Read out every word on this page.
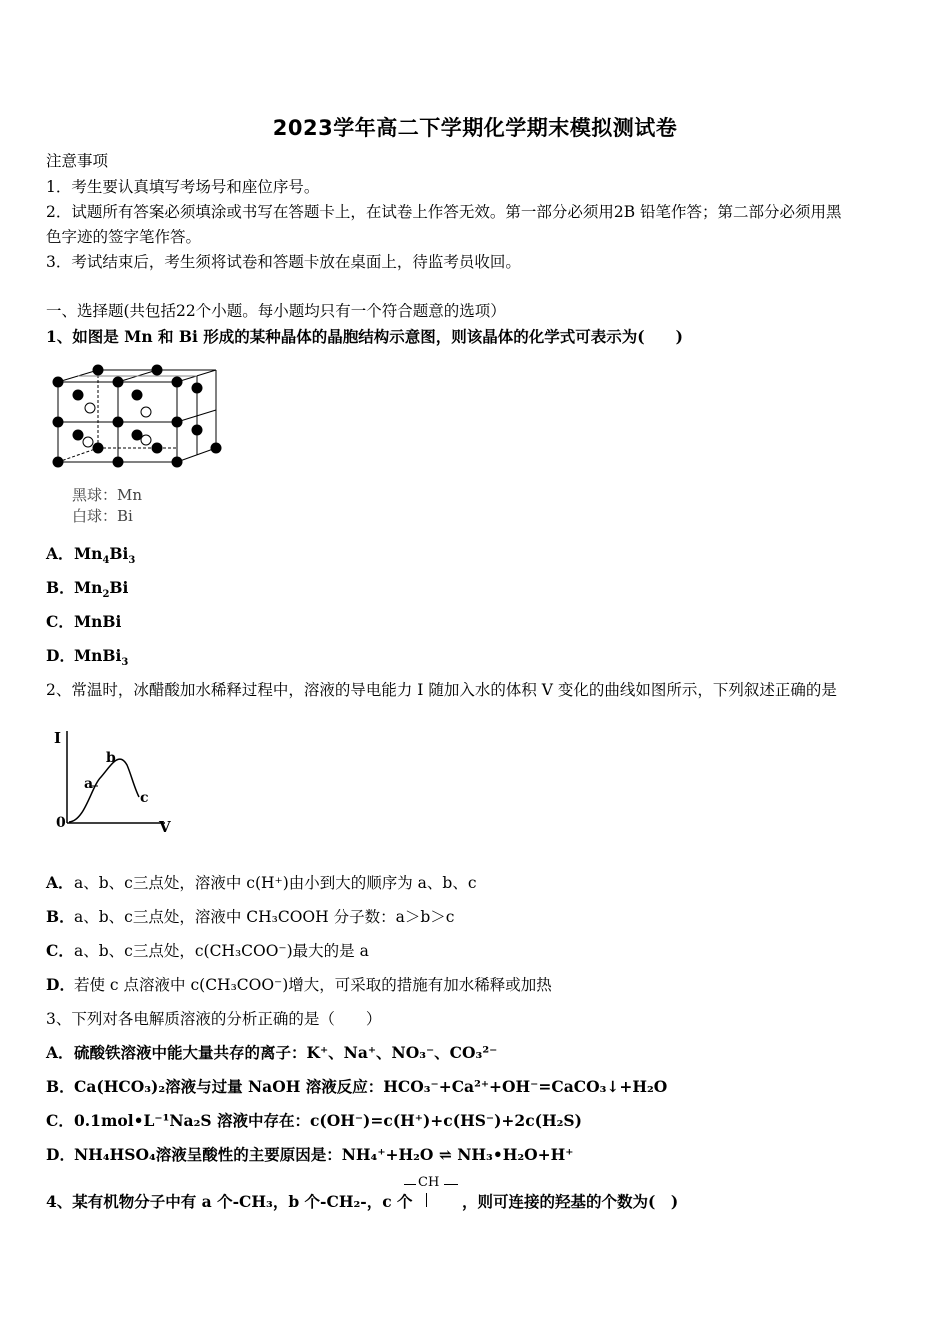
2023学年高二下学期化学期末模拟测试卷
注意事项
1．考生要认真填写考场号和座位序号。
2．试题所有答案必须填涂或书写在答题卡上，在试卷上作答无效。第一部分必须用2B 铅笔作答；第二部分必须用黑
色字迹的签字笔作答。
3．考试结束后，考生须将试卷和答题卡放在桌面上，待监考员收回。
一、选择题(共包括22个小题。每小题均只有一个符合题意的选项）
1、如图是 Mn 和 Bi 形成的某种晶体的晶胞结构示意图，则该晶体的化学式可表示为(　　)
黑球：Mn
白球：Bi
A．$Mn_4Bi_3$
B．$Mn_2Bi$
C．MnBi
D．MnBi$_3$
2、常温时，冰醋酸加水稀释过程中，溶液的导电能力 I 随加入水的体积 V 变化的曲线如图所示，下列叙述正确的是
I
V
0
a
b
c
A．a、b、c三点处，溶液中 c(H⁺)由小到大的顺序为 a、b、c
B．a、b、c三点处，溶液中 CH₃COOH 分子数：a＞b＞c
C．a、b、c三点处，c(CH₃COO⁻)最大的是 a
D．若使 c 点溶液中 c(CH₃COO⁻)增大，可采取的措施有加水稀释或加热
3、下列对各电解质溶液的分析正确的是（　　）
A．硫酸铁溶液中能大量共存的离子：K⁺、Na⁺、NO₃⁻、CO₃²⁻
B．Ca(HCO₃)₂溶液与过量 NaOH 溶液反应：HCO₃⁻+Ca²⁺+OH⁻=CaCO₃↓+H₂O
C．0.1mol•L⁻¹Na₂S 溶液中存在：c(OH⁻)=c(H⁺)+c(HS⁻)+2c(H₂S)
D．NH₄HSO₄溶液呈酸性的主要原因是：NH₄⁺+H₂O ⇌ NH₃•H₂O+H⁺
4、某有机物分子中有 a 个-CH₃，b 个-CH₂-，c 个
CH
，则可连接的羟基的个数为(　)
